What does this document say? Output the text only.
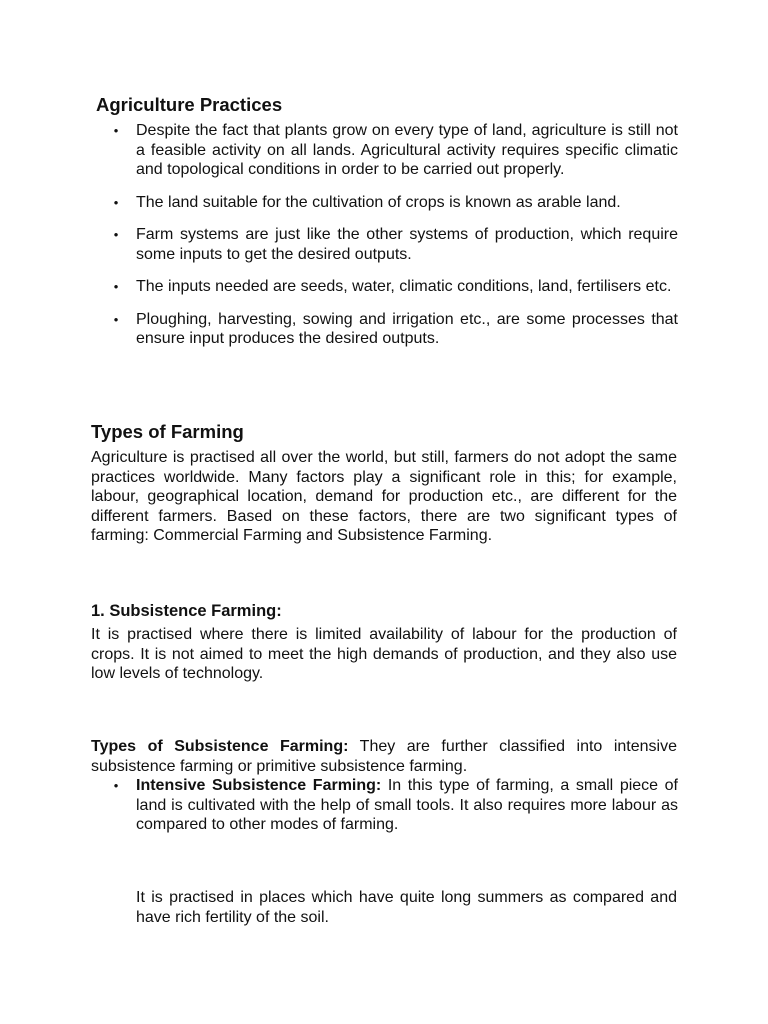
Agriculture Practices
• Despite the fact that plants grow on every type of land, agriculture is still not a feasible activity on all lands. Agricultural activity requires specific climatic and topological conditions in order to be carried out properly.
• The land suitable for the cultivation of crops is known as arable land.
• Farm systems are just like the other systems of production, which require some inputs to get the desired outputs.
• The inputs needed are seeds, water, climatic conditions, land, fertilisers etc.
• Ploughing, harvesting, sowing and irrigation etc., are some processes that ensure input produces the desired outputs.
Types of Farming

Agriculture is practised all over the world, but still, farmers do not adopt the same practices worldwide. Many factors play a significant role in this; for example, labour, geographical location, demand for production etc., are different for the different farmers. Based on these factors, there are two significant types of farming: Commercial Farming and Subsistence Farming.

1. Subsistence Farming:

It is practised where there is limited availability of labour for the production of crops. It is not aimed to meet the high demands of production, and they also use low levels of technology.

Types of Subsistence Farming: They are further classified into intensive subsistence farming or primitive subsistence farming.

• Intensive Subsistence Farming: In this type of farming, a small piece of land is cultivated with the help of small tools. It also requires more labour as compared to other modes of farming.

It is practised in places which have quite long summers as compared and have rich fertility of the soil.
